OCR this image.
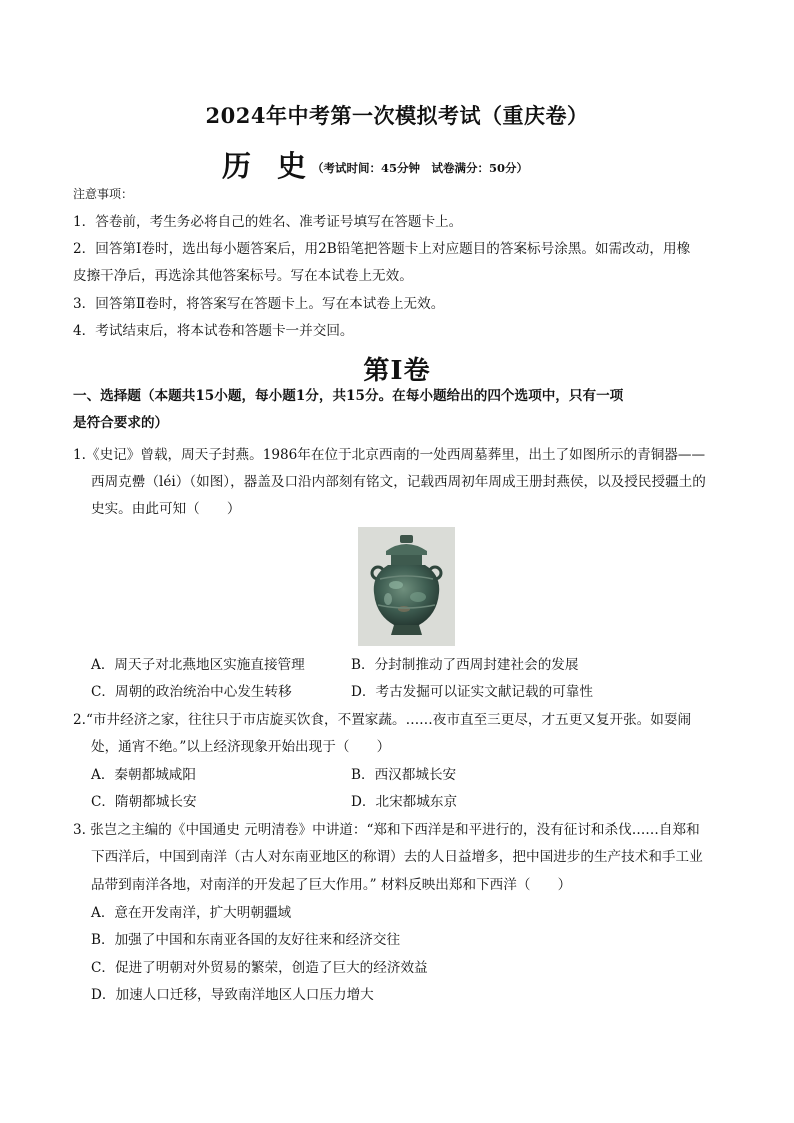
2024年中考第一次模拟考试（重庆卷）
历史$^{(考试时间:45分钟 试卷满分:50分)}$
注意事项：
1．答卷前，考生务必将自己的姓名、准考证号填写在答题卡上。
2．回答第Ⅰ卷时，选出每小题答案后，用2B铅笔把答题卡上对应题目的答案标号涂黑。如需改动，用橡
皮擦干净后，再选涂其他答案标号。写在本试卷上无效。
3．回答第Ⅱ卷时，将答案写在答题卡上。写在本试卷上无效。
4．考试结束后，将本试卷和答题卡一并交回。
第Ⅰ卷
一、选择题（本题共15小题，每小题1分，共15分。在每小题给出的四个选项中，只有一项
是符合要求的）
1.《史记》曾载，周天子封燕。1986年在位于北京西南的一处西周墓葬里，出土了如图所示的青铜器——
西周克罍（léi）（如图），器盖及口沿内部刻有铭文，记载西周初年周成王册封燕侯，以及授民授疆土的
史实。由此可知（　　）
A．周天子对北燕地区实施直接管理	B．分封制推动了西周封建社会的发展
C．周朝的政治统治中心发生转移	D．考古发掘可以证实文献记载的可靠性
2.“市井经济之家，往往只于市店旋买饮食，不置家蔬。……夜市直至三更尽，才五更又复开张。如耍闹
处，通宵不绝。”以上经济现象开始出现于（　　）
A．秦朝都城咸阳	B．西汉都城长安
C．隋朝都城长安	D．北宋都城东京
3. 张岂之主编的《中国通史 元明清卷》中讲道：“郑和下西洋是和平进行的，没有征讨和杀伐……自郑和
下西洋后，中国到南洋（古人对东南亚地区的称谓）去的人日益增多，把中国进步的生产技术和手工业
品带到南洋各地，对南洋的开发起了巨大作用。” 材料反映出郑和下西洋（　　）
A．意在开发南洋，扩大明朝疆域
B．加强了中国和东南亚各国的友好往来和经济交往
C．促进了明朝对外贸易的繁荣，创造了巨大的经济效益
D．加速人口迁移，导致南洋地区人口压力增大
